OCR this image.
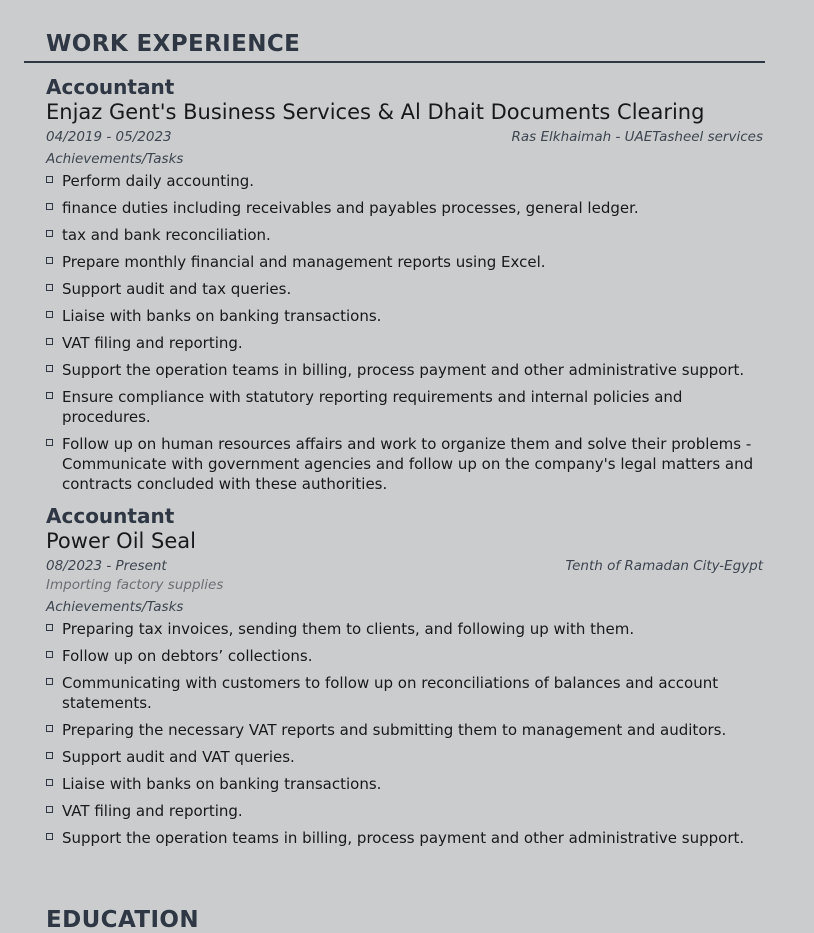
WORK EXPERIENCE
Accountant
Enjaz Gent's Business Services & Al Dhait Documents Clearing
04/2019 - 05/2023	Ras Elkhaimah - UAETasheel services
Achievements/Tasks
Perform daily accounting.
finance duties including receivables and payables processes, general ledger.
tax and bank reconciliation.
Prepare monthly financial and management reports using Excel.
Support audit and tax queries.
Liaise with banks on banking transactions.
VAT filing and reporting.
Support the operation teams in billing, process payment and other administrative support.
Ensure compliance with statutory reporting requirements and internal policies and procedures.
Follow up on human resources affairs and work to organize them and solve their problems - Communicate with government agencies and follow up on the company's legal matters and contracts concluded with these authorities.
Accountant
Power Oil Seal
08/2023 - Present	Tenth of Ramadan City-Egypt
Importing factory supplies
Achievements/Tasks
Preparing tax invoices, sending them to clients, and following up with them.
Follow up on debtors’ collections.
Communicating with customers to follow up on reconciliations of balances and account statements.
Preparing the necessary VAT reports and submitting them to management and auditors.
Support audit and VAT queries.
Liaise with banks on banking transactions.
VAT filing and reporting.
Support the operation teams in billing, process payment and other administrative support.
EDUCATION
